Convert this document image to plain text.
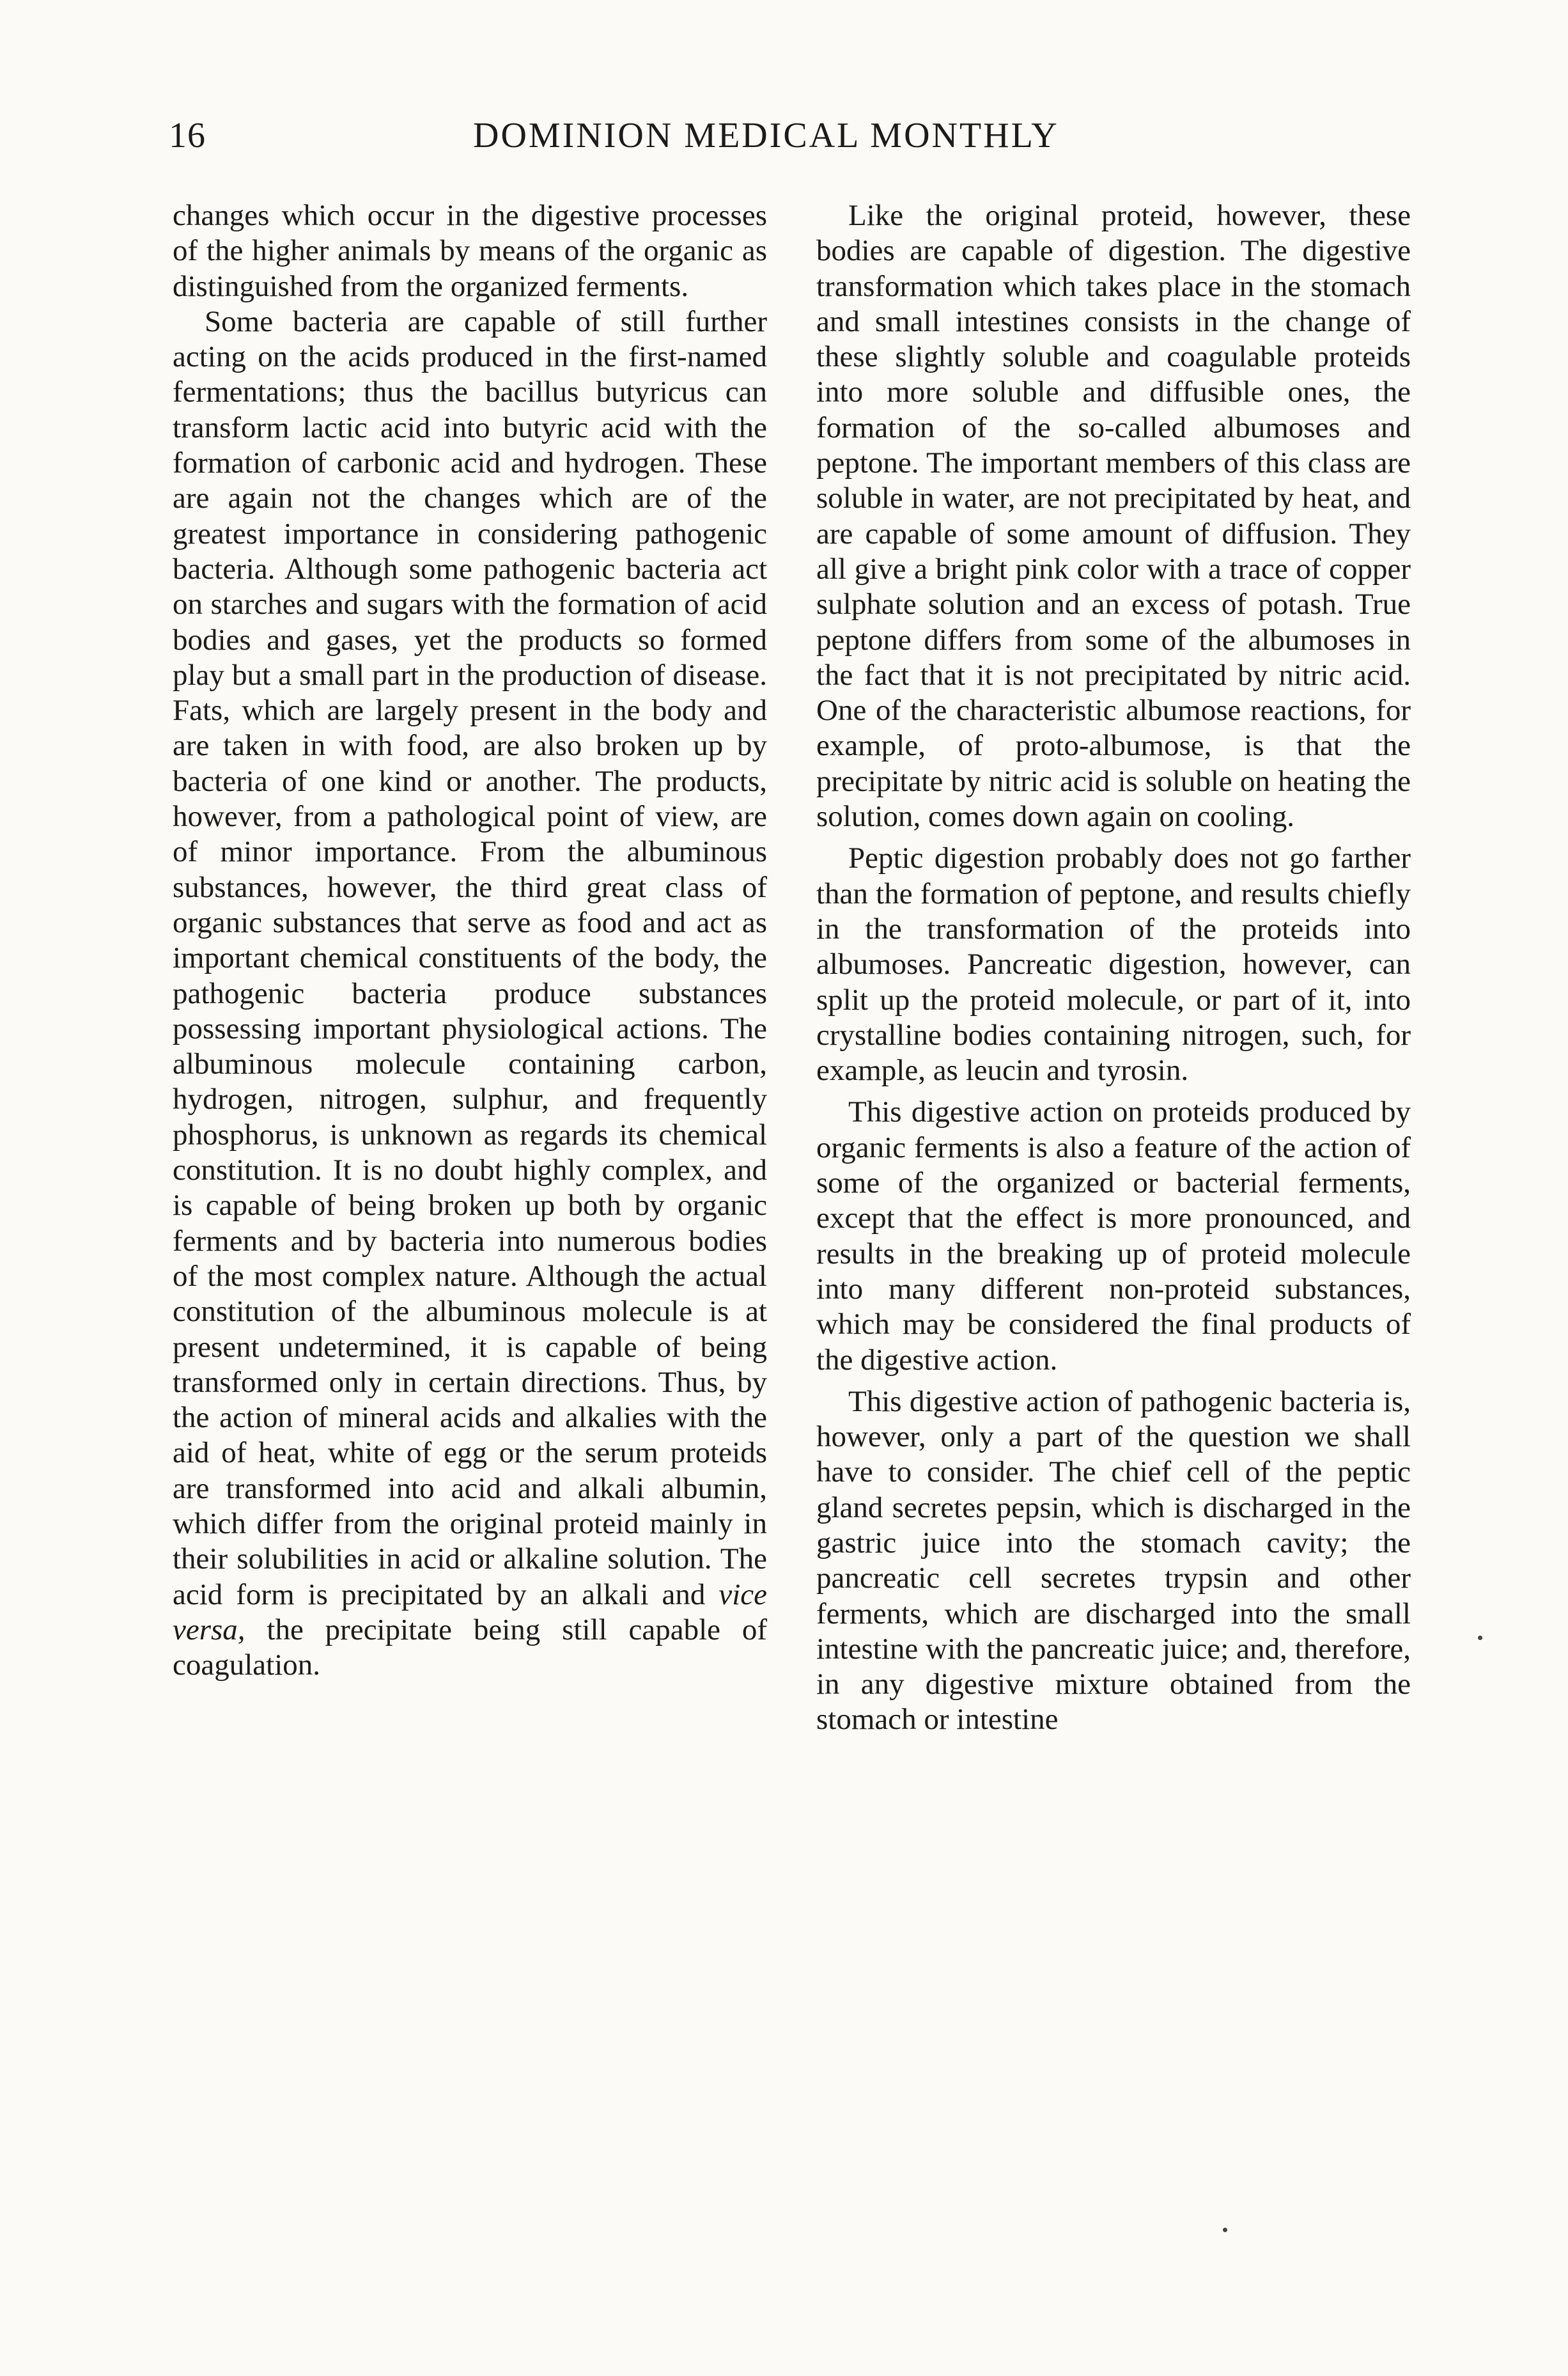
16	DOMINION MEDICAL MONTHLY

changes which occur in the digestive processes of the higher animals by means of the organic as distinguished from the organized ferments.

Some bacteria are capable of still further acting on the acids produced in the first-named fermentations; thus the bacillus butyricus can transform lactic acid into butyric acid with the formation of carbonic acid and hydrogen. These are again not the changes which are of the greatest importance in considering pathogenic bacteria. Although some pathogenic bacteria act on starches and sugars with the formation of acid bodies and gases, yet the products so formed play but a small part in the production of disease. Fats, which are largely present in the body and are taken in with food, are also broken up by bacteria of one kind or another. The products, however, from a pathological point of view, are of minor importance. From the albuminous substances, however, the third great class of organic substances that serve as food and act as important chemical constituents of the body, the pathogenic bacteria produce substances possessing important physiological actions. The albuminous molecule containing carbon, hydrogen, nitrogen, sulphur, and frequently phosphorus, is unknown as regards its chemical constitution. It is no doubt highly complex, and is capable of being broken up both by organic ferments and by bacteria into numerous bodies of the most complex nature. Although the actual constitution of the albuminous molecule is at present undetermined, it is capable of being transformed only in certain directions. Thus, by the action of mineral acids and alkalies with the aid of heat, white of egg or the serum proteids are transformed into acid and alkali albumin, which differ from the original proteid mainly in their solubilities in acid or alkaline solution. The acid form is precipitated by an alkali and vice versa, the precipitate being still capable of coagulation.

Like the original proteid, however, these bodies are capable of digestion. The digestive transformation which takes place in the stomach and small intestines consists in the change of these slightly soluble and coagulable proteids into more soluble and diffusible ones, the formation of the so-called albumoses and peptone. The important members of this class are soluble in water, are not precipitated by heat, and are capable of some amount of diffusion. They all give a bright pink color with a trace of copper sulphate solution and an excess of potash. True peptone differs from some of the albumoses in the fact that it is not precipitated by nitric acid. One of the characteristic albumose reactions, for example, of proto-albumose, is that the precipitate by nitric acid is soluble on heating the solution, comes down again on cooling.

Peptic digestion probably does not go farther than the formation of peptone, and results chiefly in the transformation of the proteids into albumoses. Pancreatic digestion, however, can split up the proteid molecule, or part of it, into crystalline bodies containing nitrogen, such, for example, as leucin and tyrosin.

This digestive action on proteids produced by organic ferments is also a feature of the action of some of the organized or bacterial ferments, except that the effect is more pronounced, and results in the breaking up of proteid molecule into many different non-proteid substances, which may be considered the final products of the digestive action.

This digestive action of pathogenic bacteria is, however, only a part of the question we shall have to consider. The chief cell of the peptic gland secretes pepsin, which is discharged in the gastric juice into the stomach cavity; the pancreatic cell secretes trypsin and other ferments, which are discharged into the small intestine with the pancreatic juice; and, therefore, in any digestive mixture obtained from the stomach or intestine
